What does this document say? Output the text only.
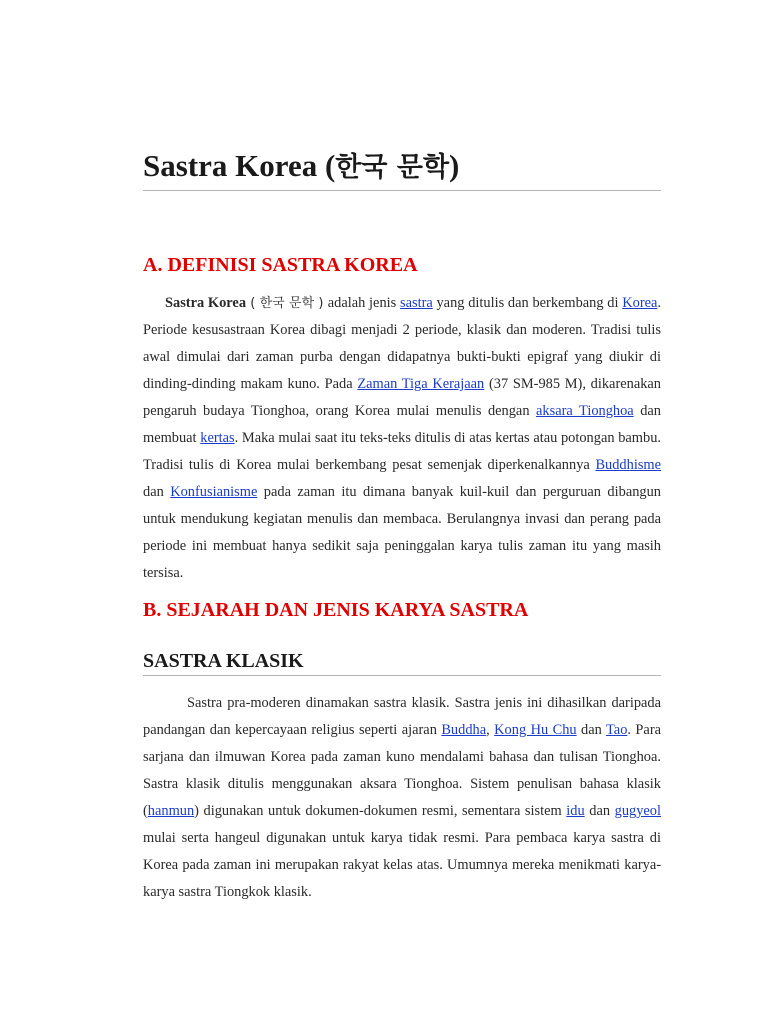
Sastra Korea (한국 문학)
A. DEFINISI SASTRA KOREA

Sastra Korea ( 한국 문학 ) adalah jenis sastra yang ditulis dan berkembang di Korea. Periode kesusastraan Korea dibagi menjadi 2 periode, klasik dan moderen. Tradisi tulis awal dimulai dari zaman purba dengan didapatnya bukti-bukti epigraf yang diukir di dinding-dinding makam kuno. Pada Zaman Tiga Kerajaan (37 SM-985 M), dikarenakan pengaruh budaya Tionghoa, orang Korea mulai menulis dengan aksara Tionghoa dan membuat kertas. Maka mulai saat itu teks-teks ditulis di atas kertas atau potongan bambu. Tradisi tulis di Korea mulai berkembang pesat semenjak diperkenalkannya Buddhisme dan Konfusianisme pada zaman itu dimana banyak kuil-kuil dan perguruan dibangun untuk mendukung kegiatan menulis dan membaca. Berulangnya invasi dan perang pada periode ini membuat hanya sedikit saja peninggalan karya tulis zaman itu yang masih tersisa.

B. SEJARAH DAN JENIS KARYA SASTRA
SASTRA KLASIK

Sastra pra-moderen dinamakan sastra klasik. Sastra jenis ini dihasilkan daripada pandangan dan kepercayaan religius seperti ajaran Buddha, Kong Hu Chu dan Tao. Para sarjana dan ilmuwan Korea pada zaman kuno mendalami bahasa dan tulisan Tionghoa. Sastra klasik ditulis menggunakan aksara Tionghoa. Sistem penulisan bahasa klasik (hanmun) digunakan untuk dokumen-dokumen resmi, sementara sistem idu dan gugyeol mulai serta hangeul digunakan untuk karya tidak resmi. Para pembaca karya sastra di Korea pada zaman ini merupakan rakyat kelas atas. Umumnya mereka menikmati karya-karya sastra Tiongkok klasik.
